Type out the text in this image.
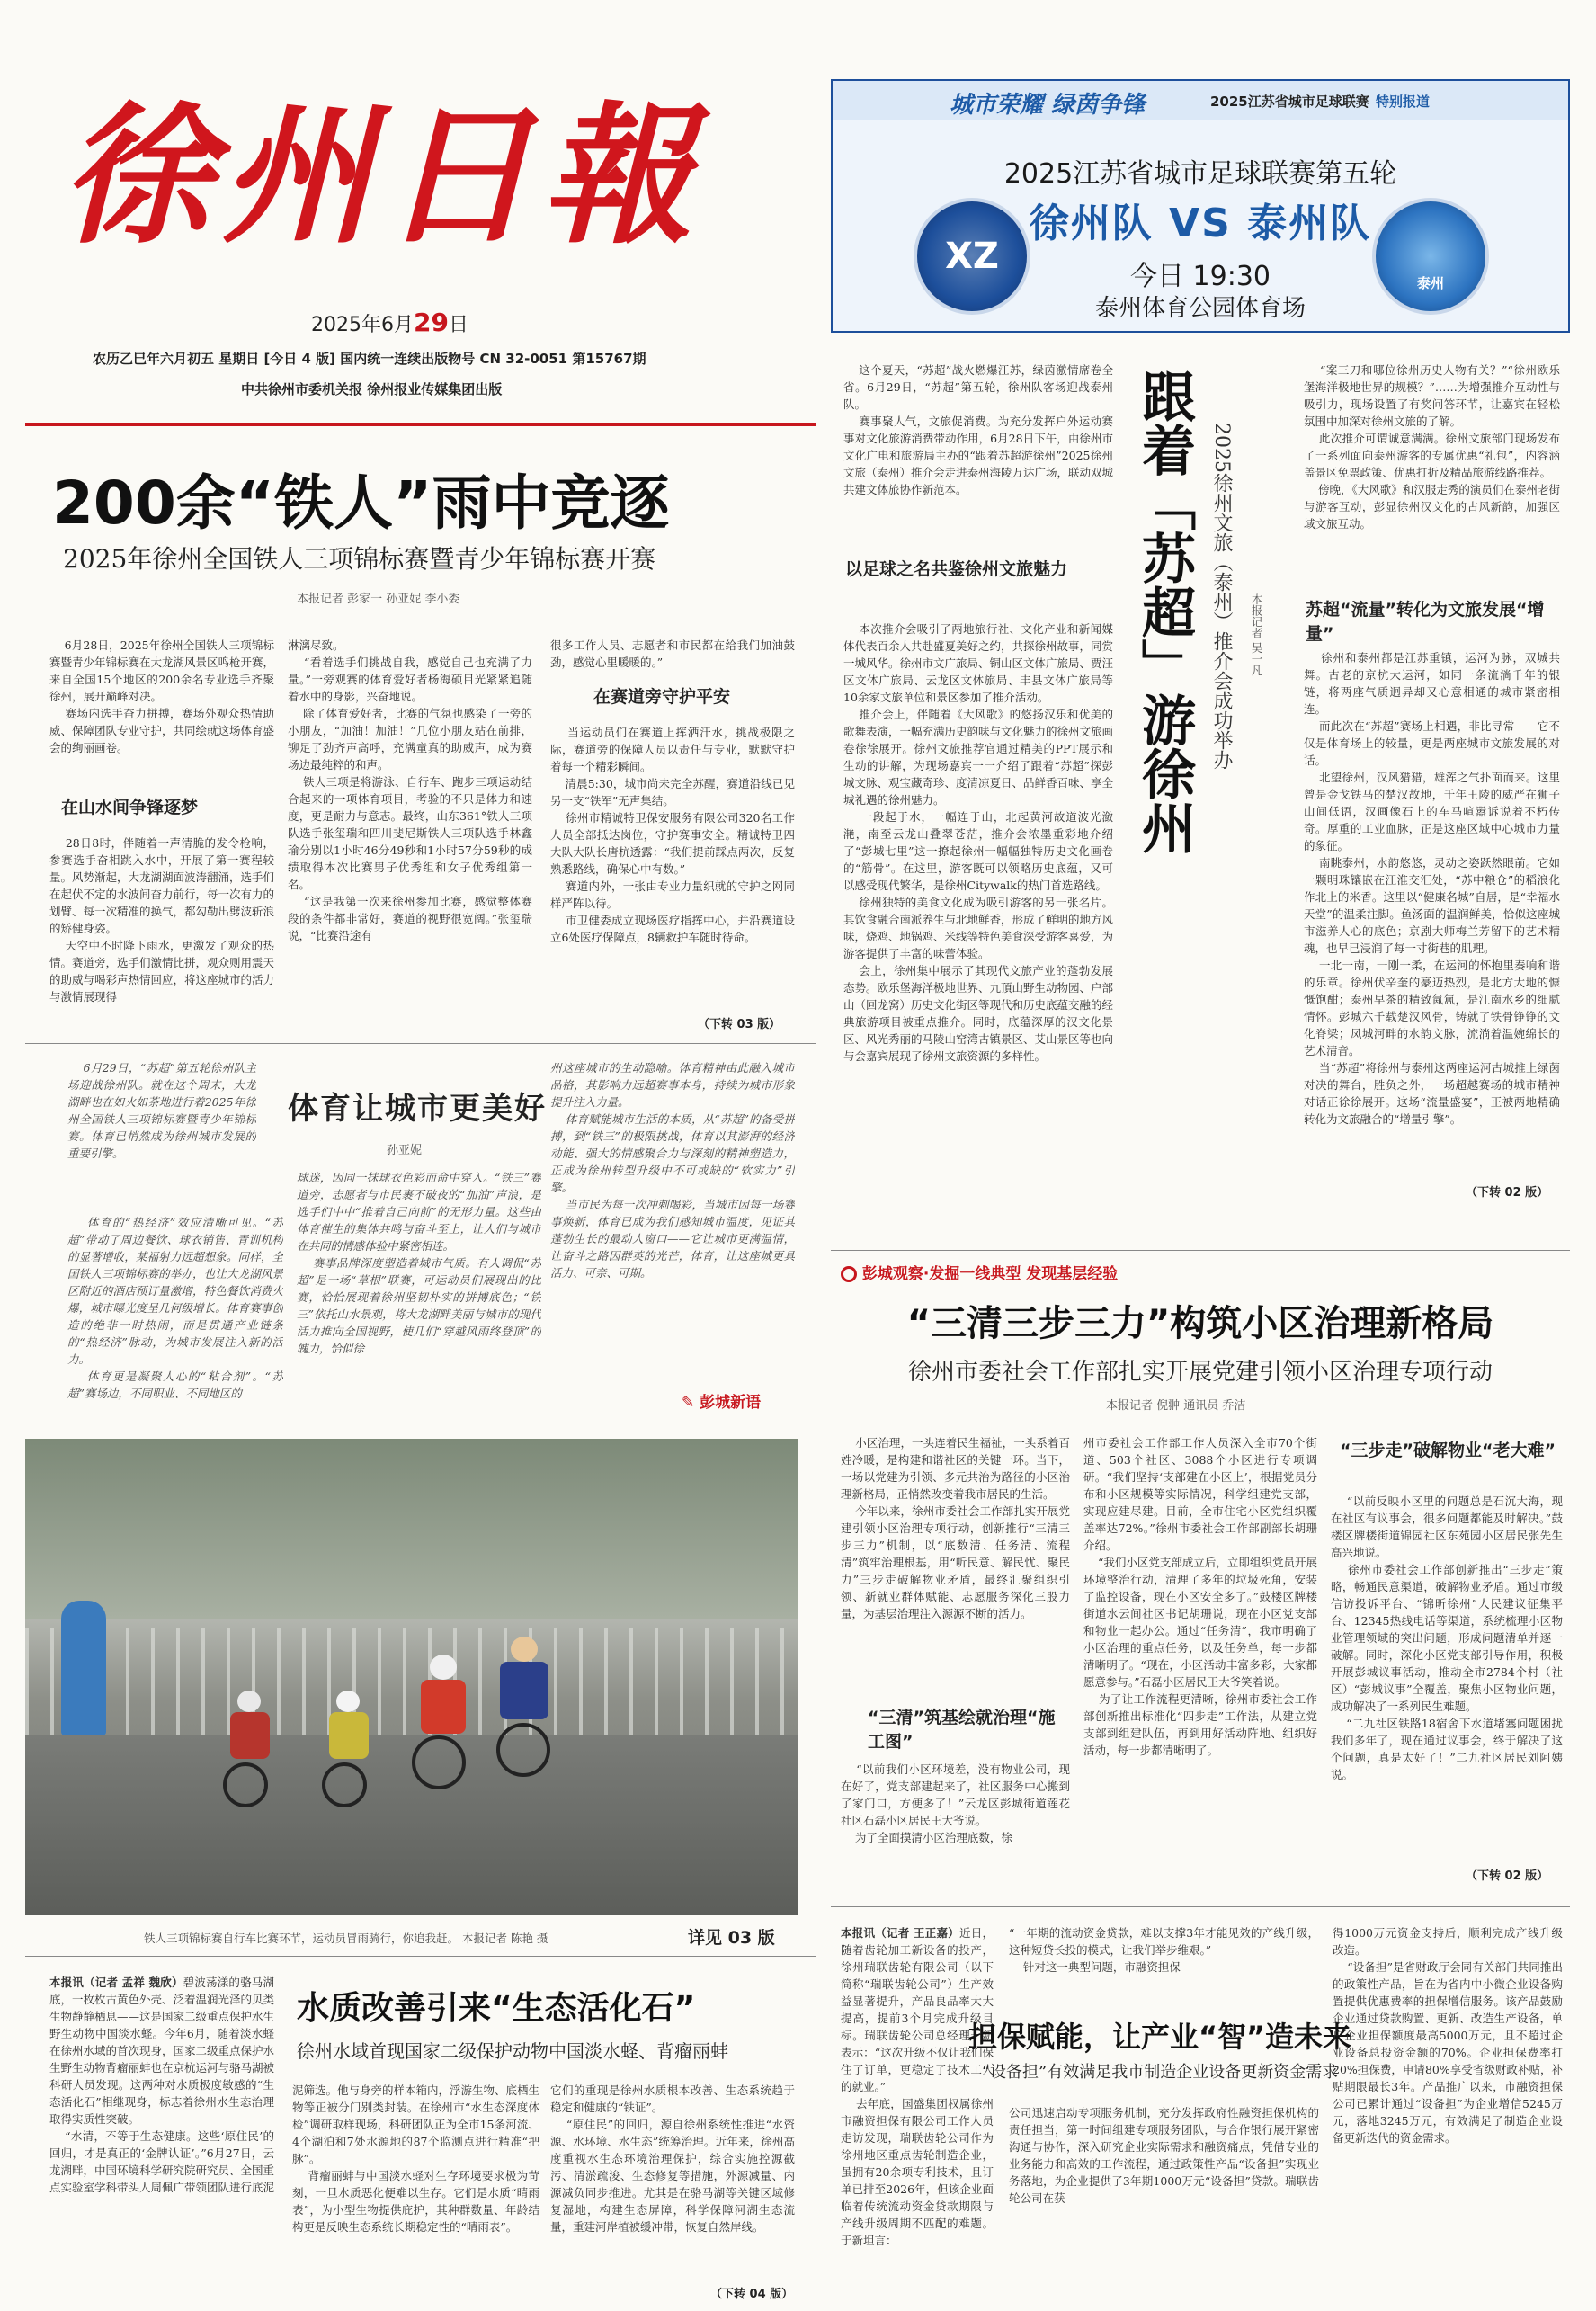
徐州日報
2025年6月29日
农历乙巳年六月初五 星期日 [今日 4 版] 国内统一连续出版物号 CN 32-0051 第15767期
中共徐州市委机关报 徐州报业传媒集团出版
城市荣耀 绿茵争锋	2025江苏省城市足球联赛 特别报道
2025江苏省城市足球联赛第五轮
徐州队 VS 泰州队
今日 19:30
泰州体育公园体育场
XZ
泰州
200余“铁人”雨中竞逐
2025年徐州全国铁人三项锦标赛暨青少年锦标赛开赛
本报记者 彭家一 孙亚妮 李小委
6月28日，2025年徐州全国铁人三项锦标赛暨青少年锦标赛在大龙湖风景区鸣枪开赛，来自全国15个地区的200余名专业选手齐聚徐州，展开巅峰对决。
赛场内选手奋力拼搏，赛场外观众热情助威、保障团队专业守护，共同绘就这场体育盛会的绚丽画卷。
在山水间争锋逐梦
28日8时，伴随着一声清脆的发令枪响，参赛选手奋相跳入水中，开展了第一赛程较量。风势渐起，大龙湖湖面波涛翻涌，选手们在起伏不定的水波间奋力前行，每一次有力的划臂、每一次精准的换气，都勾勒出劈波斩浪的矫健身姿。
天空中不时降下雨水，更激发了观众的热情。赛道旁，选手们激情比拼，观众则用震天的助威与喝彩声热情回应，将这座城市的活力与激情展现得
淋漓尽致。
“看着选手们挑战自我，感觉自己也充满了力量。”一旁观赛的体育爱好者杨海硕目光紧紧追随着水中的身影，兴奋地说。
除了体育爱好者，比赛的气氛也感染了一旁的小朋友，“加油！加油！”几位小朋友站在前排，铆足了劲齐声高呼，充满童真的助威声，成为赛场边最纯粹的和声。
铁人三项是将游泳、自行车、跑步三项运动结合起来的一项体育项目，考验的不只是体力和速度，更是耐力与意志。最终，山东361°铁人三项队选手张玺瑞和四川斐尼斯铁人三项队选手林鑫瑜分别以1小时46分49秒和1小时57分59秒的成绩取得本次比赛男子优秀组和女子优秀组第一名。
“这是我第一次来徐州参加比赛，感觉整体赛段的条件都非常好，赛道的视野很宽阔。”张玺瑞说，“比赛沿途有
很多工作人员、志愿者和市民都在给我们加油鼓劲，感觉心里暖暖的。”
在赛道旁守护平安
当运动员们在赛道上挥洒汗水，挑战极限之际，赛道旁的保障人员以责任与专业，默默守护着每一个精彩瞬间。
清晨5:30，城市尚未完全苏醒，赛道沿线已见另一支“铁军”无声集结。
徐州市精诚特卫保安服务有限公司320名工作人员全部抵达岗位，守护赛事安全。精诚特卫四大队大队长唐杭透露：“我们提前踩点两次，反复熟悉路线，确保心中有数。”
赛道内外，一张由专业力量织就的守护之网同样严阵以待。
市卫健委成立现场医疗指挥中心，并沿赛道设立6处医疗保障点，8辆救护车随时待命。
（下转 03 版）
6月29日，“苏超”第五轮徐州队主场迎战徐州队。就在这个周末，大龙湖畔也在如火如荼地进行着2025年徐州全国铁人三项锦标赛暨青少年锦标赛。体育已悄然成为徐州城市发展的重要引擎。
体育让城市更美好
孙亚妮
体育的“热经济”效应清晰可见。“苏超”带动了周边餐饮、球衣销售、青训机构的显著增收，某福射力远超想象。同样，全国铁人三项锦标赛的举办，也让大龙湖风景区附近的酒店预订量激增，特色餐饮消费火爆，城市曝光度呈几何级增长。体育赛事创造的绝非一时热闹，而是贯通产业链条的“热经济”脉动，为城市发展注入新的活力。
体育更是凝聚人心的“粘合剂”。“苏超”赛场边，不同职业、不同地区的
球迷，因同一抹球衣色彩而命中穿入。“铁三”赛道旁，志愿者与市民裹不破夜的“加油”声浪，是选手们中中“推着自己向前”的无形力量。这些由体育催生的集体共鸣与奋斗至上，让人们与城市在共同的情感体验中紧密相连。
赛事品牌深度塑造着城市气质。有人调侃“苏超”是一场“草根”联赛，可运动员们展现出的比赛，恰恰展现着徐州坚韧朴实的拼搏底色；“铁三”依托山水景观，将大龙湖畔美丽与城市的现代活力推向全国视野，使几们“穿越风雨终登顶”的魄力，恰似徐
州这座城市的生动隐喻。体育精神由此融入城市品格，其影响力远超赛事本身，持续为城市形象提升注入力量。
体育赋能城市生活的本质，从“苏超”的备受拼搏，到“铁三”的极限挑战，体育以其澎湃的经济动能、强大的情感聚合力与深刻的精神塑造力，正成为徐州转型升级中不可或缺的“软实力”引擎。
当市民为每一次冲刺喝彩，当城市因每一场赛事焕新，体育已成为我们感知城市温度，见证其蓬勃生长的最动人窗口——它让城市更满温情，让奋斗之路因群英的光芒，体育，让这座城更具活力、可亲、可期。
✎ 彭城新语
铁人三项锦标赛自行车比赛环节，运动员冒雨骑行，你追我赶。 本报记者 陈艳 摄	详见 03 版
跟着「苏超」游徐州 2025徐州文旅（泰州）推介会成功举办	本报记者 吴一凡
这个夏天，“苏超”战火燃爆江苏，绿茵激情席卷全省。6月29日，“苏超”第五轮，徐州队客场迎战泰州队。
赛事聚人气，文旅促消费。为充分发挥户外运动赛事对文化旅游消费带动作用，6月28日下午，由徐州市文化广电和旅游局主办的“跟着苏超游徐州”2025徐州文旅（泰州）推介会走进泰州海陵万达广场，联动双城共建文体旅协作新范本。
以足球之名共鉴徐州文旅魅力
本次推介会吸引了两地旅行社、文化产业和新闻媒体代表百余人共赴盛夏美好之约，共探徐州故事，同赏一城风华。徐州市文广旅局、铜山区文体广旅局、贾汪区文体广旅局、云龙区文体旅局、丰县文体广旅局等10余家文旅单位和景区参加了推介活动。
推介会上，伴随着《大风歌》的悠扬汉乐和优美的歌舞表演，一幅充满历史韵味与文化魅力的徐州文旅画卷徐徐展开。徐州文旅推荐官通过精美的PPT展示和生动的讲解，为现场嘉宾一一介绍了跟着“苏超”探彭城文脉、观宝藏奇珍、度清凉夏日、品鲜香百味、享全城礼遇的徐州魅力。
一段起于水，一幅连于山，北起黄河故道波光潋滟，南至云龙山叠翠苍茫，推介会浓墨重彩地介绍了“彭城七里”这一撩起徐州一幅幅独特历史文化画卷的“筋骨”。在这里，游客既可以领略历史底蕴，又可以感受现代繁华，是徐州Citywalk的热门首选路线。
徐州独特的美食文化成为吸引游客的另一张名片。其饮食融合南派养生与北地鲜香，形成了鲜明的地方风味，烧鸡、地锅鸡、米线等特色美食深受游客喜爱，为游客提供了丰富的味蕾体验。
会上，徐州集中展示了其现代文旅产业的蓬勃发展态势。欧乐堡海洋极地世界、九頂山野生动物园、户部山（回龙窝）历史文化街区等现代和历史底蕴交融的经典旅游项目被重点推介。同时，底蕴深厚的汉文化景区、风光秀丽的马陵山窑湾古镇景区、艾山景区等也向与会嘉宾展现了徐州文旅资源的多样性。
“案三刀和哪位徐州历史人物有关？”“徐州欧乐堡海洋极地世界的规模？”……为增强推介互动性与吸引力，现场设置了有奖问答环节，让嘉宾在轻松氛围中加深对徐州文旅的了解。
此次推介可谓诚意满满。徐州文旅部门现场发布了一系列面向泰州游客的专属优惠“礼包”，内容涵盖景区免票政策、优惠打折及精品旅游线路推荐。
傍晚，《大风歌》和汉服走秀的演员们在泰州老街与游客互动，彭显徐州汉文化的古风新韵，加强区域文旅互动。
苏超“流量”转化为文旅发展“增量”
徐州和泰州都是江苏重镇，运河为脉，双城共舞。古老的京杭大运河，如同一条流淌千年的银链，将两座气质迥异却又心意相通的城市紧密相连。
而此次在“苏超”赛场上相遇，非比寻常——它不仅是体育场上的较量，更是两座城市文旅发展的对话。
北望徐州，汉风猎猎，雄浑之气扑面而来。这里曾是金戈铁马的楚汉故地，千年王陵的威严在狮子山间低语，汉画像石上的车马喧嚣诉说着不朽传奇。厚重的工业血脉，正是这座区域中心城市力量的象征。
南眺泰州，水韵悠悠，灵动之姿跃然眼前。它如一颗明珠镶嵌在江淮交汇处，“苏中粮仓”的稻浪化作北上的米香。这里以“健康名城”自居，是“幸福水天堂”的温柔注脚。鱼汤面的温润鲜美，恰似这座城市滋养人心的底色；京剧大师梅兰芳留下的艺术精魂，也早已浸润了每一寸街巷的肌理。
一北一南，一刚一柔，在运河的怀抱里奏响和谐的乐章。徐州伏辛奎的豪迈热烈，是北方大地的慷慨饱酣；泰州早茶的精致氤氲，是江南水乡的细腻情怀。彭城六千载楚汉风骨，铸就了铁骨铮铮的文化脊梁；凤城河畔的水韵文脉，流淌着温婉绵长的艺术清音。
当“苏超”将徐州与泰州这两座运河古城推上绿茵对决的舞台，胜负之外，一场超越赛场的城市精神对话正徐徐展开。这场“流量盛宴”，正被两地精确转化为文旅融合的“增量引擎”。
（下转 02 版）
彭城观察·发掘一线典型 发现基层经验
“三清三步三力”构筑小区治理新格局
徐州市委社会工作部扎实开展党建引领小区治理专项行动
本报记者 倪翀 通讯员 乔洁
小区治理，一头连着民生福祉，一头系着百姓冷暖，是构建和谐社区的关键一环。当下，一场以党建为引领、多元共治为路径的小区治理新格局，正悄然改变着我市居民的生活。
今年以来，徐州市委社会工作部扎实开展党建引领小区治理专项行动，创新推行“三清三步三力”机制，以“底数清、任务清、流程清”筑牢治理根基，用“听民意、解民忧、聚民力”三步走破解物业矛盾，最终汇聚组织引领、新就业群体赋能、志愿服务深化三股力量，为基层治理注入源源不断的活力。
“三清”筑基绘就治理“施工图”
“以前我们小区环境差，没有物业公司，现在好了，党支部建起来了，社区服务中心搬到了家门口，方便多了！”云龙区彭城街道莲花社区石磊小区居民王大爷说。
为了全面摸清小区治理底数，徐
州市委社会工作部工作人员深入全市70个街道、503个社区、3088个小区进行专项调研。“我们坚持‘支部建在小区上’，根据党员分布和小区规模等实际情况，科学组建党支部，实现应建尽建。目前，全市住宅小区党组织覆盖率达72%。”徐州市委社会工作部副部长胡珊介绍。
“我们小区党支部成立后，立即组织党员开展环境整治行动，清理了多年的垃圾死角，安装了监控设备，现在小区安全多了。”鼓楼区牌楼街道水云间社区书记胡珊说，现在小区党支部和物业一起办公。通过“任务清”，我市明确了小区治理的重点任务，以及任务单，每一步都清晰明了。“现在，小区活动丰富多彩，大家都愿意参与。”石磊小区居民王大爷笑着说。
为了让工作流程更清晰，徐州市委社会工作部创新推出标准化“四步走”工作法，从建立党支部到组建队伍，再到用好活动阵地、组织好活动，每一步都清晰明了。
“三步走”破解物业“老大难”
“以前反映小区里的问题总是石沉大海，现在社区有议事会，很多问题都能及时解决。”鼓楼区牌楼街道锦园社区东苑园小区居民张先生高兴地说。
徐州市委社会工作部创新推出“三步走”策略，畅通民意渠道，破解物业矛盾。通过市级信访投诉平台、“锦昕徐州”人民建议征集平台、12345热线电话等渠道，系统梳理小区物业管理领域的突出问题，形成问题清单并逐一破解。同时，深化小区党支部引导作用，积极开展彭城议事活动，推动全市2784个村（社区）“彭城议事”全覆盖，聚焦小区物业问题，成功解决了一系列民生难题。
“二九社区铁路18宿舍下水道堵塞问题困扰我们多年了，现在通过议事会，终于解决了这个问题，真是太好了！”二九社区居民刘阿姨说。
（下转 02 版）
水质改善引来“生态活化石”
徐州水域首现国家二级保护动物中国淡水蛏、背瘤丽蚌
本报讯（记者 孟祥 魏欣）碧波荡漾的骆马湖底，一枚枚古黄色外壳、泛着温润光泽的贝类生物静静栖息——这是国家二级重点保护水生野生动物中国淡水蛏。今年6月，随着淡水蛏在徐州水域的首次现身，国家二级重点保护水生野生动物背瘤丽蚌也在京杭运河与骆马湖被科研人员发现。这两种对水质极度敏感的“生态活化石”相继现身，标志着徐州水生态治理取得实质性突破。
“水清，不等于生态健康。这些‘原住民’的回归，才是真正的‘金牌认证’。”6月27日，云龙湖畔，中国环境科学研究院研究员、全国重点实验室学科带头人周佩广带领团队进行底泥
泥筛选。他与身旁的样本箱内，浮游生物、底栖生物等正被分门别类封装。在徐州市“水生态深度体检”调研取样现场，科研团队正为全市15条河流、4个湖泊和7处水源地的87个监测点进行精准“把脉”。
背瘤丽蚌与中国淡水蛏对生存环境要求极为苛刻，一旦水质恶化便难以生存。它们是水质“晴雨表”，为小型生物提供庇护，其种群数量、年龄结构更是反映生态系统长期稳定性的“晴雨表”。
它们的重现是徐州水质根本改善、生态系统趋于稳定和健康的“铁证”。
“原住民”的回归，源自徐州系统性推进“水资源、水环境、水生态”统筹治理。近年来，徐州高度重视水生态环境治理保护，综合实施控源截污、清淤疏浚、生态修复等措施，外源减量、内源减负同步推进。尤其是在骆马湖等关键区域修复湿地，构建生态屏障，科学保障河湖生态流量，重建河岸植被缓冲带，恢复自然岸线。
（下转 04 版）
本报讯（记者 王正嘉）近日，随着齿轮加工新设备的投产，徐州瑞联齿轮有限公司（以下简称“瑞联齿轮公司”）生产效益显著提升，产品良品率大大提高，提前3个月完成升级目标。瑞联齿轮公司总经理于新表示：“这次升级不仅让我们保住了订单，更稳定了技术工人的就业。”
去年底，国盛集团权属徐州市融资担保有限公司工作人员走访发现，瑞联齿轮公司作为徐州地区重点齿轮制造企业，虽拥有20余项专利技术，且订单已排至2026年，但该企业面临着传统流动资金贷款期限与产线升级周期不匹配的难题。于新坦言：
“一年期的流动资金贷款，难以支撑3年才能见效的产线升级，这种短贷长投的模式，让我们举步维艰。”
针对这一典型问题，市融资担保
担保赋能，让产业“智”造未来
“设备担”有效满足我市制造企业设备更新资金需求
公司迅速启动专项服务机制，充分发挥政府性融资担保机构的责任担当，第一时间组建专项服务团队，与合作银行展开紧密沟通与协作，深入研究企业实际需求和融资痛点，凭借专业的业务能力和高效的工作流程，通过政策性产品“设备担”实现业务落地，为企业提供了3年期1000万元“设备担”贷款。瑞联齿轮公司在获
得1000万元资金支持后，顺利完成产线升级改造。
“设备担”是省财政厅会同有关部门共同推出的政策性产品，旨在为省内中小微企业设备购置提供优惠费率的担保增信服务。该产品鼓励企业通过贷款购置、更新、改造生产设备，单户企业担保额度最高5000万元，且不超过企业设备总投资金额的70%。企业担保费率打20%担保费，申请80%享受省级财政补贴，补贴期限最长3年。产品推广以来，市融资担保公司已累计通过“设备担”为企业增信5245万元，落地3245万元，有效满足了制造企业设备更新迭代的资金需求。
